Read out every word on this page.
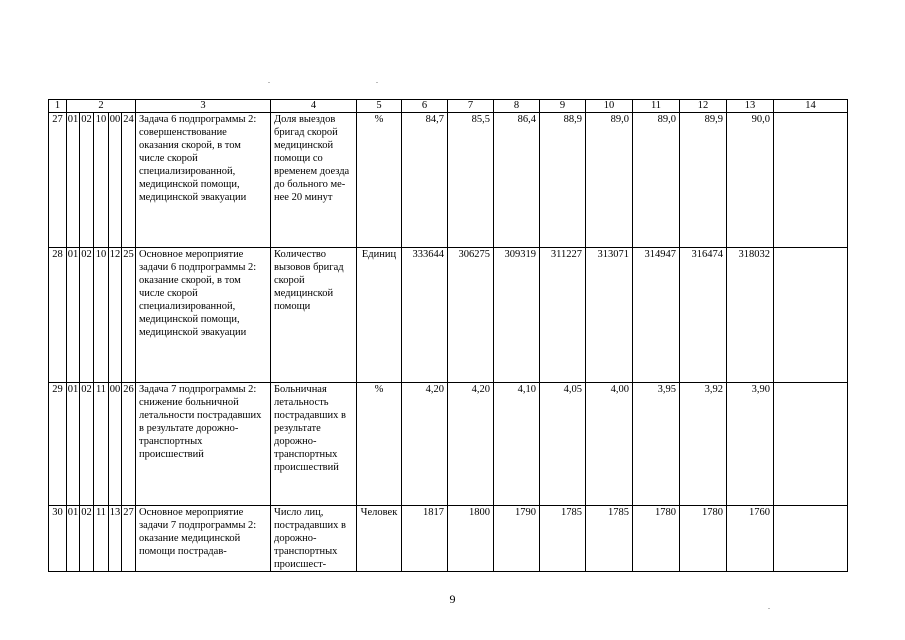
1	2					3	4	5	6	7	8	9	10	11	12	13	14
27	01	02	10	00	24	Задача 6 подпрограммы 2: совершенствование оказания скорой, в том числе скорой специализированной, медицинской помощи, медицинской эвакуации	Доля выездов бригад скорой медицинской помощи со временем доезда до больного ме-нее 20 минут	%	84,7	85,5	86,4	88,9	89,0	89,0	89,9	90,0	
28	01	02	10	12	25	Основное мероприятие задачи 6 подпрограммы 2: оказание скорой, в том числе скорой специализированной, медицинской помощи, медицинской эвакуации	Количество вызовов бригад скорой медицинской помощи	Единиц	333644	306275	309319	311227	313071	314947	316474	318032	
29	01	02	11	00	26	Задача 7 подпрограммы 2: снижение больничной летальности пострадавших в результате дорожно-транспортных происшествий	Больничная летальность пострадавших в результате дорожно-транспортных происшествий	%	4,20	4,20	4,10	4,05	4,00	3,95	3,92	3,90	
30	01	02	11	13	27	Основное мероприятие задачи 7 подпрограммы 2: оказание медицинской помощи пострадав-	Число лиц, пострадавших в дорожно-транспортных происшест-	Человек	1817	1800	1790	1785	1785	1780	1780	1760	
9
